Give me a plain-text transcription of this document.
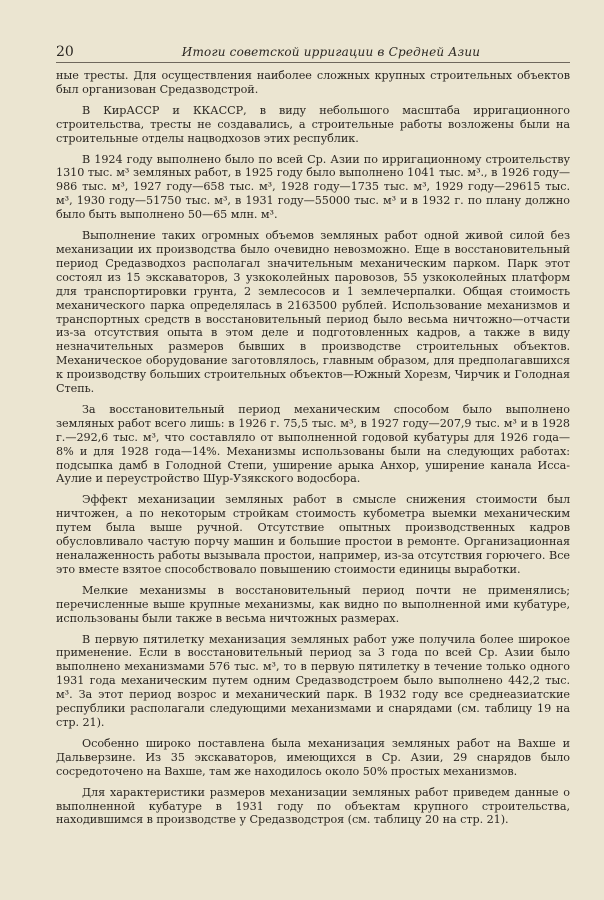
20	Итоги советской ирригации в Средней Азии

ные тресты. Для осуществления наиболее сложных крупных строительных объектов был организован Средазводстрой.

В КирАССР и ККАССР, в виду небольшого масштаба ирригационного строительства, тресты не создавались, а строительные работы возложены были на строительные отделы нацводхозов этих республик.

В 1924 году выполнено было по всей Ср. Азии по ирригационному строительству 1310 тыс. м³ земляных работ, в 1925 году было выполнено 1041 тыс. м³., в 1926 году—986 тыс. м³, 1927 году—658 тыс. м³, 1928 году—1735 тыс. м³, 1929 году—29615 тыс. м³, 1930 году—51750 тыс. м³, в 1931 году—55000 тыс. м³ и в 1932 г. по плану должно было быть выполнено 50—65 млн. м³.

Выполнение таких огромных объемов земляных работ одной живой силой без механизации их производства было очевидно невозможно. Еще в восстановительный период Средазводхоз располагал значительным механическим парком. Парк этот состоял из 15 экскаваторов, 3 узкоколейных паровозов, 55 узкоколейных платформ для транспортировки грунта, 2 землесосов и 1 землечерпалки. Общая стоимость механического парка определялась в 2163500 рублей. Использование механизмов и транспортных средств в восстановительный период было весьма ничтожно—отчасти из-за отсутствия опыта в этом деле и подготовленных кадров, а также в виду незначительных размеров бывших в производстве строительных объектов. Механическое оборудование заготовлялось, главным образом, для предполагавшихся к производству больших строительных объектов—Южный Хорезм, Чирчик и Голодная Степь.

За восстановительный период механическим способом было выполнено земляных работ всего лишь: в 1926 г. 75,5 тыс. м³, в 1927 году—207,9 тыс. м³ и в 1928 г.—292,6 тыс. м³, что составляло от выполненной годовой кубатуры для 1926 года—8% и для 1928 года—14%. Механизмы использованы были на следующих работах: подсыпка дамб в Голодной Степи, уширение арыка Анхор, уширение канала Исса-Аулие и переустройство Шур-Узякского водосбора.

Эффект механизации земляных работ в смысле снижения стоимости был ничтожен, а по некоторым стройкам стоимость кубометра выемки механическим путем была выше ручной. Отсутствие опытных производственных кадров обусловливало частую порчу машин и большие простои в ремонте. Организационная неналаженность работы вызывала простои, например, из-за отсутствия горючего. Все это вместе взятое способствовало повышению стоимости единицы выработки.

Мелкие механизмы в восстановительный период почти не применялись; перечисленные выше крупные механизмы, как видно по выполненной ими кубатуре, использованы были также в весьма ничтожных размерах.

В первую пятилетку механизация земляных работ уже получила более широкое применение. Если в восстановительный период за 3 года по всей Ср. Азии было выполнено механизмами 576 тыс. м³, то в первую пятилетку в течение только одного 1931 года механическим путем одним Средазводстроем было выполнено 442,2 тыс. м³. За этот период возрос и механический парк. В 1932 году все среднеазиатские республики располагали следующими механизмами и снарядами (см. таблицу 19 на стр. 21).

Особенно широко поставлена была механизация земляных работ на Вахше и Дальверзине. Из 35 экскаваторов, имеющихся в Ср. Азии, 29 снарядов было сосредоточено на Вахше, там же находилось около 50% простых механизмов.

Для характеристики размеров механизации земляных работ приведем данные о выполненной кубатуре в 1931 году по объектам крупного строительства, находившимся в производстве у Средазводстроя (см. таблицу 20 на стр. 21).
